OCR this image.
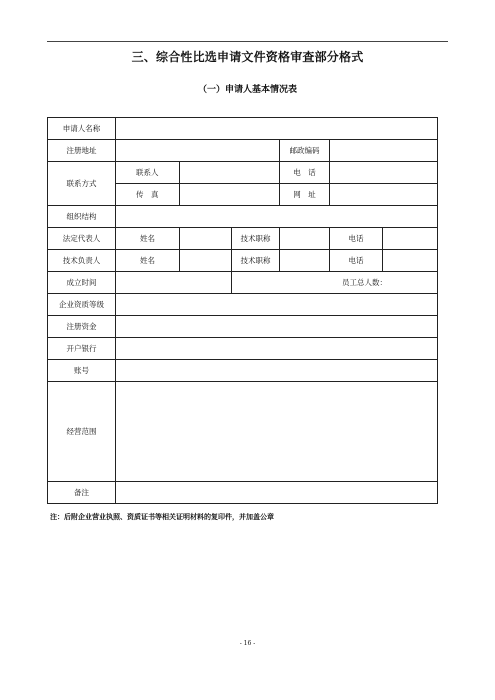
三、综合性比选申请文件资格审查部分格式
（一）申请人基本情况表
申请人名称						
注册地址				邮政编码		
联系方式	联系人			电　话		
	传　真			网　址		
组织结构						
法定代表人	姓名		技术职称		电话	
技术负责人	姓名		技术职称		电话	
成立时间			员工总人数：			
企业资质等级						
注册资金						
开户银行						
账号						
经营范围						
备注						
注：后附企业营业执照、资质证书等相关证明材料的复印件，并加盖公章
- 16 -
